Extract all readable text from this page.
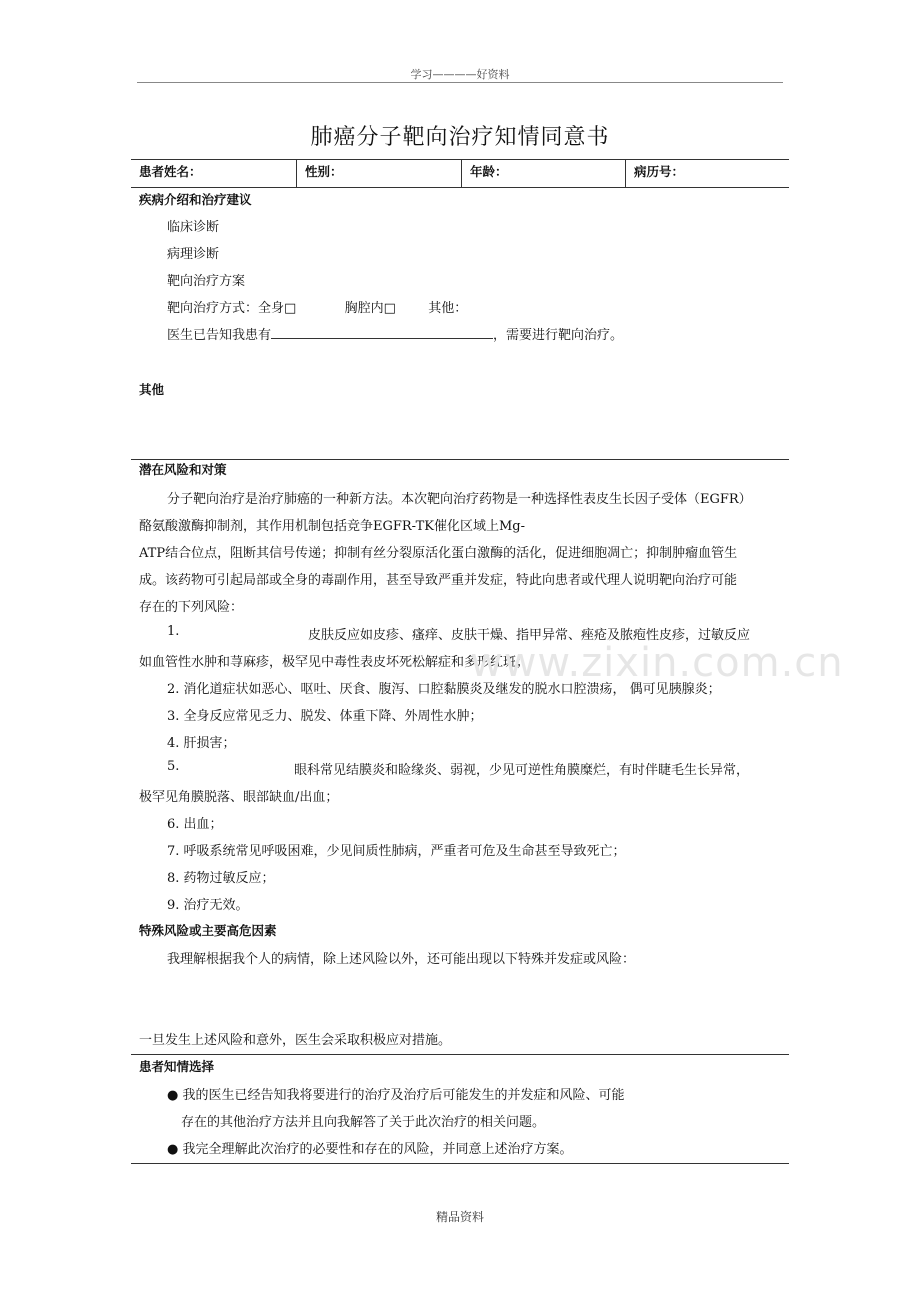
学习————好资料
肺癌分子靶向治疗知情同意书
患者姓名：	性别：	年龄：	病历号：
疾病介绍和治疗建议
临床诊断
病理诊断
靶向治疗方案
靶向治疗方式：全身□	胸腔内□ 其他：
医生已告知我患有	，需要进行靶向治疗。
其他
潜在风险和对策
分子靶向治疗是治疗肺癌的一种新方法。本次靶向治疗药物是一种选择性表皮生长因子受体（EGFR）
酪氨酸激酶抑制剂，其作用机制包括竞争EGFR-TK催化区域上Mg-
ATP结合位点，阻断其信号传递；抑制有丝分裂原活化蛋白激酶的活化，促进细胞凋亡；抑制肿瘤血管生
成。该药物可引起局部或全身的毒副作用，甚至导致严重并发症，特此向患者或代理人说明靶向治疗可能
存在的下列风险：
1.	皮肤反应如皮疹、瘙痒、皮肤干燥、指甲异常、痤疮及脓疱性皮疹，过敏反应
如血管性水肿和荨麻疹，极罕见中毒性表皮坏死松解症和多形红斑；
2. 消化道症状如恶心、呕吐、厌食、腹泻、口腔黏膜炎及继发的脱水口腔溃疡， 偶可见胰腺炎；
3. 全身反应常见乏力、脱发、体重下降、外周性水肿；
4. 肝损害；
5.	眼科常见结膜炎和睑缘炎、弱视，少见可逆性角膜糜烂，有时伴睫毛生长异常，
极罕见角膜脱落、眼部缺血/出血；
6. 出血；
7. 呼吸系统常见呼吸困难，少见间质性肺病，严重者可危及生命甚至导致死亡；
8. 药物过敏反应；
9. 治疗无效。
特殊风险或主要高危因素
我理解根据我个人的病情，除上述风险以外，还可能出现以下特殊并发症或风险：
一旦发生上述风险和意外，医生会采取积极应对措施。
患者知情选择
● 我的医生已经告知我将要进行的治疗及治疗后可能发生的并发症和风险、可能
存在的其他治疗方法并且向我解答了关于此次治疗的相关问题。
● 我完全理解此次治疗的必要性和存在的风险，并同意上述治疗方案。
www.zixin.com.cn
精品资料
